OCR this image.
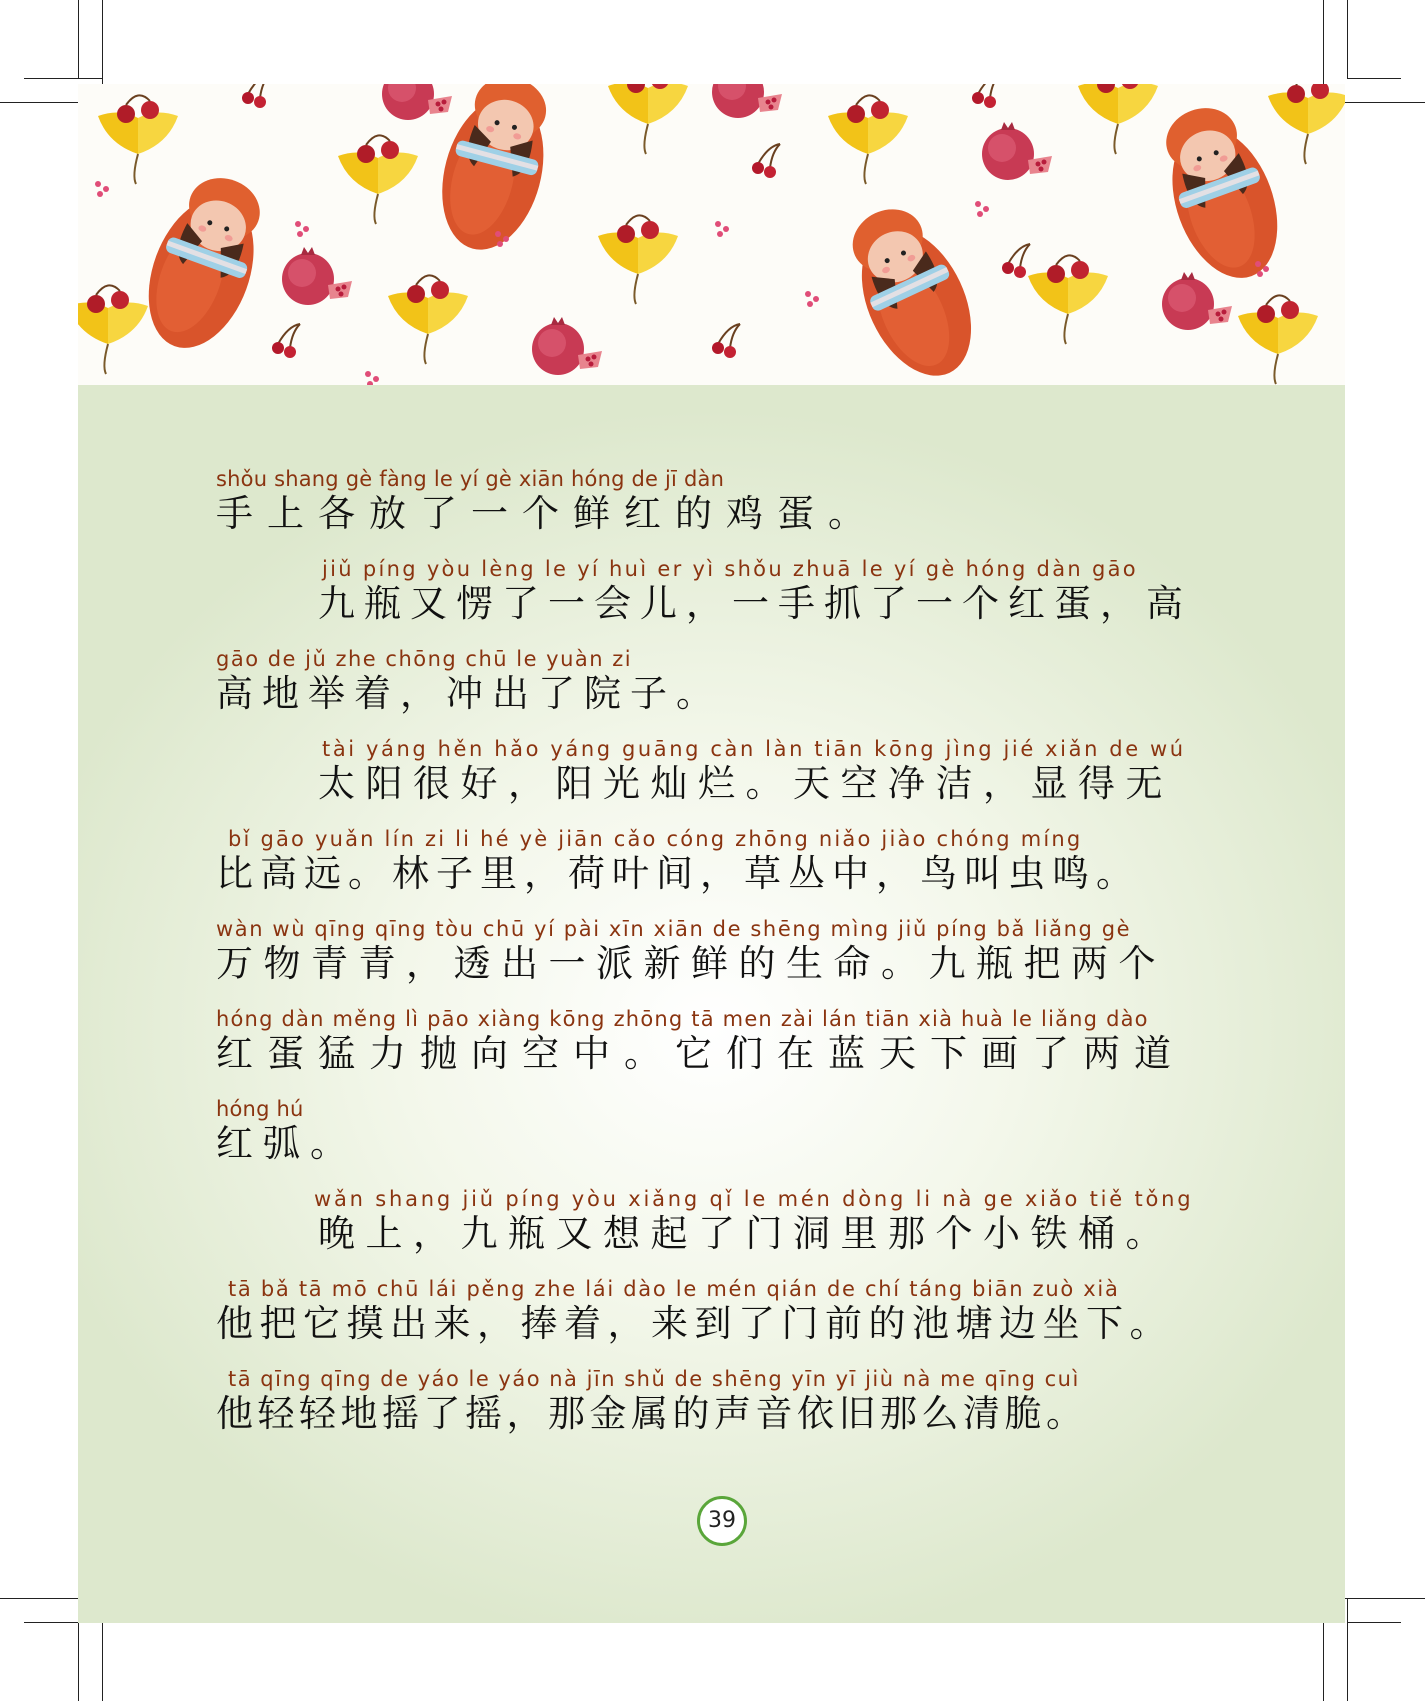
shǒu shang gè fàng le yí gè xiān hóng de jī dàn
手上各放了一个鲜红的鸡蛋。
jiǔ píng yòu lèng le yí huì er yì shǒu zhuā le yí gè hóng dàn gāo
九瓶又愣了一会儿，一手抓了一个红蛋，高
gāo de jǔ zhe chōng chū le yuàn zi
高地举着，冲出了院子。
tài yáng hěn hǎo yáng guāng càn làn tiān kōng jìng jié xiǎn de wú
太阳很好，阳光灿烂。天空净洁，显得无
bǐ gāo yuǎn lín zi li hé yè jiān cǎo cóng zhōng niǎo jiào chóng míng
比高远。林子里，荷叶间，草丛中，鸟叫虫鸣。
wàn wù qīng qīng tòu chū yí pài xīn xiān de shēng mìng jiǔ píng bǎ liǎng gè
万物青青，透出一派新鲜的生命。九瓶把两个
hóng dàn měng lì pāo xiàng kōng zhōng tā men zài lán tiān xià huà le liǎng dào
红蛋猛力抛向空中。它们在蓝天下画了两道
hóng hú
红弧。
wǎn shang jiǔ píng yòu xiǎng qǐ le mén dòng li nà ge xiǎo tiě tǒng
晚上，九瓶又想起了门洞里那个小铁桶。
tā bǎ tā mō chū lái pěng zhe lái dào le mén qián de chí táng biān zuò xià
他把它摸出来，捧着，来到了门前的池塘边坐下。
tā qīng qīng de yáo le yáo nà jīn shǔ de shēng yīn yī jiù nà me qīng cuì
他轻轻地摇了摇，那金属的声音依旧那么清脆。
39
